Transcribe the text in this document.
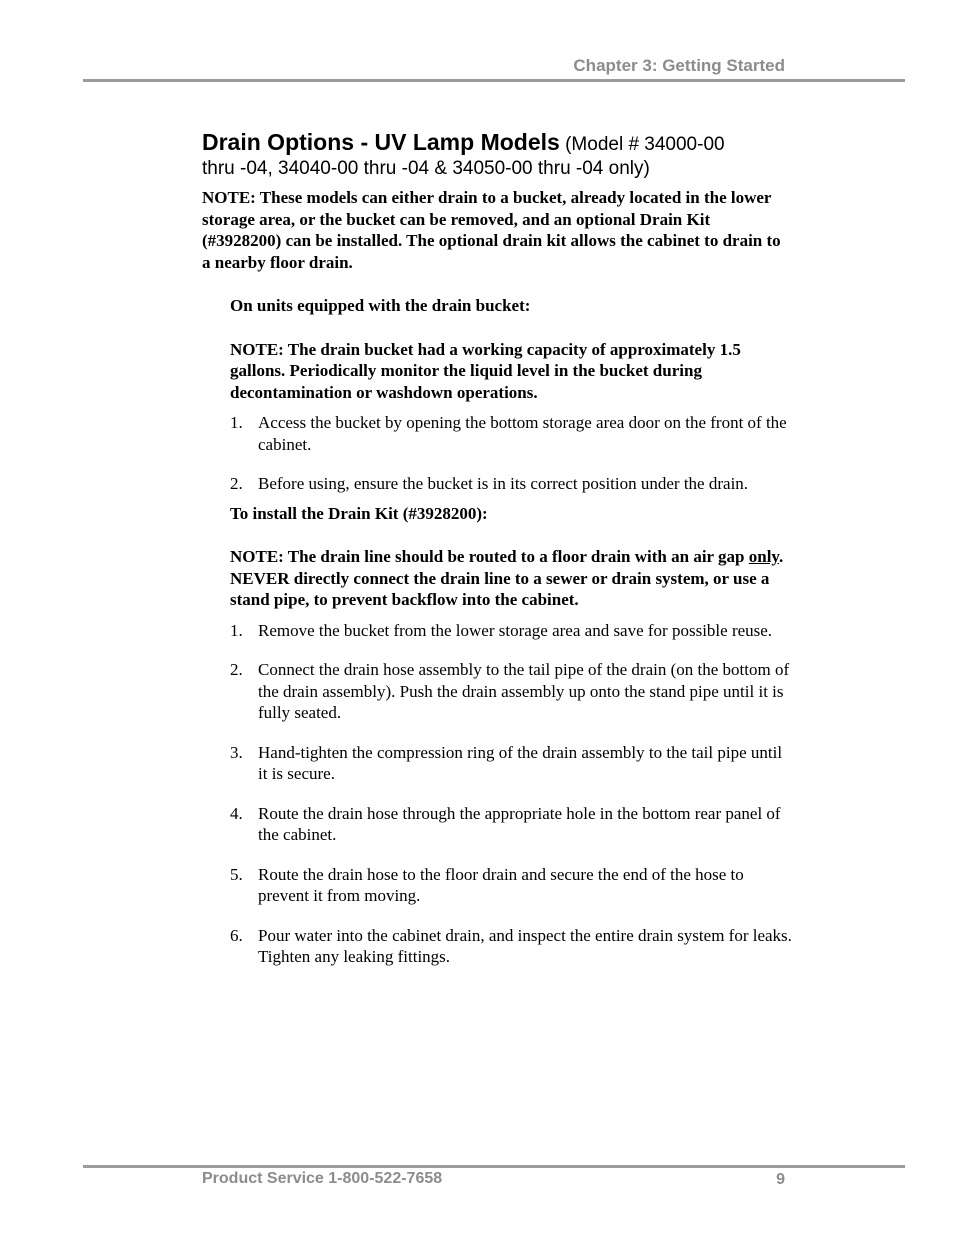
Chapter 3: Getting Started
Drain Options - UV Lamp Models (Model # 34000-00
thru -04, 34040-00 thru -04 & 34050-00 thru -04 only)
NOTE: These models can either drain to a bucket, already located in the lower storage area, or the bucket can be removed, and an optional Drain Kit (#3928200) can be installed. The optional drain kit allows the cabinet to drain to a nearby floor drain.
On units equipped with the drain bucket:
NOTE: The drain bucket had a working capacity of approximately 1.5 gallons. Periodically monitor the liquid level in the bucket during decontamination or washdown operations.
1. Access the bucket by opening the bottom storage area door on the front of the cabinet.
2. Before using, ensure the bucket is in its correct position under the drain.
To install the Drain Kit (#3928200):
NOTE: The drain line should be routed to a floor drain with an air gap only. NEVER directly connect the drain line to a sewer or drain system, or use a stand pipe, to prevent backflow into the cabinet.
1. Remove the bucket from the lower storage area and save for possible reuse.
2. Connect the drain hose assembly to the tail pipe of the drain (on the bottom of the drain assembly). Push the drain assembly up onto the stand pipe until it is fully seated.
3. Hand-tighten the compression ring of the drain assembly to the tail pipe until it is secure.
4. Route the drain hose through the appropriate hole in the bottom rear panel of the cabinet.
5. Route the drain hose to the floor drain and secure the end of the hose to prevent it from moving.
6. Pour water into the cabinet drain, and inspect the entire drain system for leaks. Tighten any leaking fittings.
Product Service 1-800-522-7658	9
